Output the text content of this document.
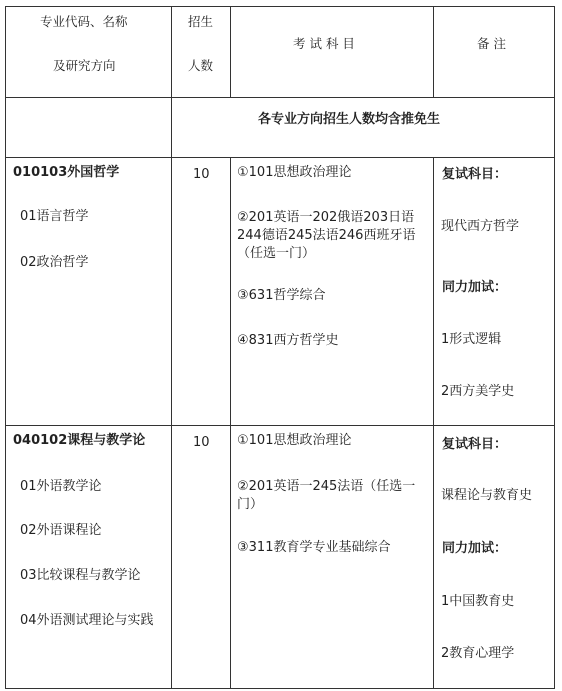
专业代码、名称
及研究方向
招生
人数
考 试 科 目	备 注
各专业方向招生人数均含推免生
010103外国哲学
01语言哲学
02政治哲学
10 ①101思想政治理论
②201英语一202俄语203日语244德语245法语246西班牙语（任选一门）
③631哲学综合
④831西方哲学史
复试科目：
现代西方哲学
同力加试：
1形式逻辑
2西方美学史
040102课程与教学论
01外语教学论
02外语课程论
03比较课程与教学论
04外语测试理论与实践
10 ①101思想政治理论
②201英语一245法语（任选一门）
③311教育学专业基础综合
复试科目：
课程论与教育史
同力加试：
1中国教育史
2教育心理学
